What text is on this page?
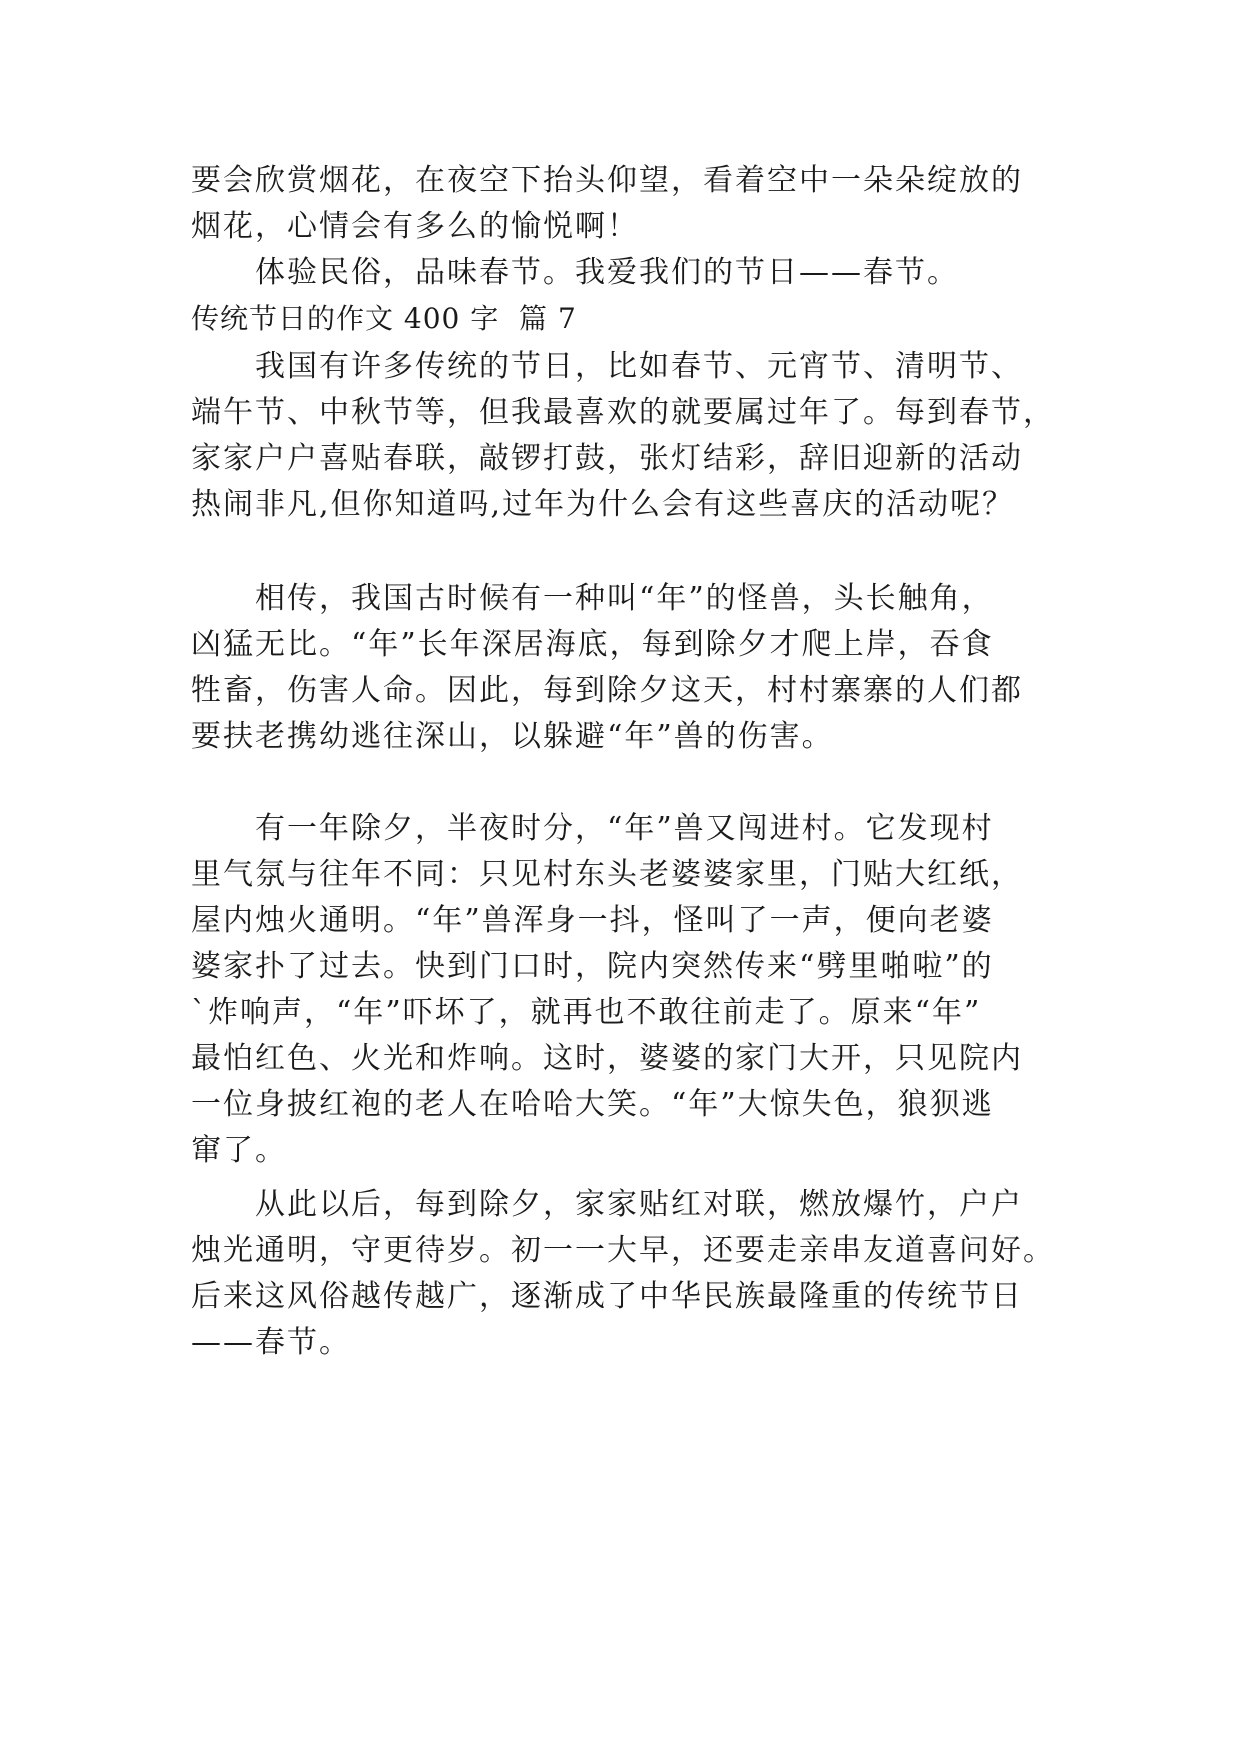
要会欣赏烟花，在夜空下抬头仰望，看着空中一朵朵绽放的
烟花，心情会有多么的愉悦啊！
　　体验民俗，品味春节。我爱我们的节日——春节。
传统节日的作文 400 字  篇 7
　　我国有许多传统的节日，比如春节、元宵节、清明节、
端午节、中秋节等，但我最喜欢的就要属过年了。每到春节，
家家户户喜贴春联，敲锣打鼓，张灯结彩，辞旧迎新的活动
热闹非凡,但你知道吗,过年为什么会有这些喜庆的活动呢？
　　相传，我国古时候有一种叫“年”的怪兽，头长触角，
凶猛无比。“年”长年深居海底，每到除夕才爬上岸，吞食
牲畜，伤害人命。因此，每到除夕这天，村村寨寨的人们都
要扶老携幼逃往深山，以躲避“年”兽的伤害。
　　有一年除夕，半夜时分，“年”兽又闯进村。它发现村
里气氛与往年不同：只见村东头老婆婆家里，门贴大红纸，
屋内烛火通明。“年”兽浑身一抖，怪叫了一声，便向老婆
婆家扑了过去。快到门口时，院内突然传来“劈里啪啦”的
`炸响声，“年”吓坏了，就再也不敢往前走了。原来“年”
最怕红色、火光和炸响。这时，婆婆的家门大开，只见院内
一位身披红袍的老人在哈哈大笑。“年”大惊失色，狼狈逃
窜了。
　　从此以后，每到除夕，家家贴红对联，燃放爆竹，户户
烛光通明，守更待岁。初一一大早，还要走亲串友道喜问好。
后来这风俗越传越广，逐渐成了中华民族最隆重的传统节日
——春节。
